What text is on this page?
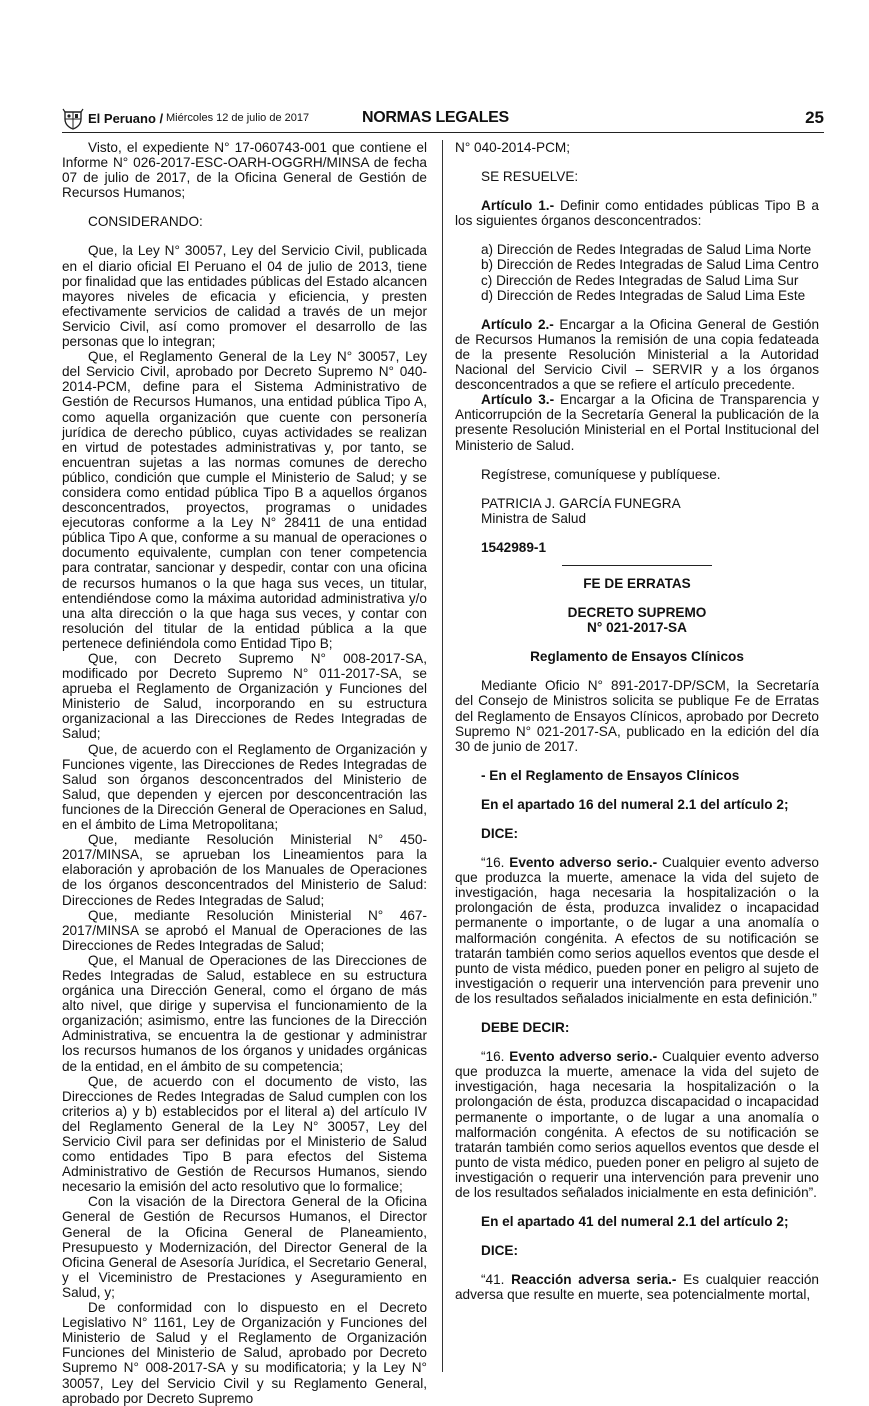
El Peruano / Miércoles 12 de julio de 2017	NORMAS LEGALES	25

Visto, el expediente N° 17-060743-001 que contiene el Informe N° 026-2017-ESC-OARH-OGGRH/MINSA de fecha 07 de julio de 2017, de la Oficina General de Gestión de Recursos Humanos;

CONSIDERANDO:

Que, la Ley N° 30057, Ley del Servicio Civil, publicada en el diario oficial El Peruano el 04 de julio de 2013, tiene por finalidad que las entidades públicas del Estado alcancen mayores niveles de eficacia y eficiencia, y presten efectivamente servicios de calidad a través de un mejor Servicio Civil, así como promover el desarrollo de las personas que lo integran;

Que, el Reglamento General de la Ley N° 30057, Ley del Servicio Civil, aprobado por Decreto Supremo N° 040-2014-PCM, define para el Sistema Administrativo de Gestión de Recursos Humanos, una entidad pública Tipo A, como aquella organización que cuente con personería jurídica de derecho público, cuyas actividades se realizan en virtud de potestades administrativas y, por tanto, se encuentran sujetas a las normas comunes de derecho público, condición que cumple el Ministerio de Salud; y se considera como entidad pública Tipo B a aquellos órganos desconcentrados, proyectos, programas o unidades ejecutoras conforme a la Ley N° 28411 de una entidad pública Tipo A que, conforme a su manual de operaciones o documento equivalente, cumplan con tener competencia para contratar, sancionar y despedir, contar con una oficina de recursos humanos o la que haga sus veces, un titular, entendiéndose como la máxima autoridad administrativa y/o una alta dirección o la que haga sus veces, y contar con resolución del titular de la entidad pública a la que pertenece definiéndola como Entidad Tipo B;

Que, con Decreto Supremo N° 008-2017-SA, modificado por Decreto Supremo N° 011-2017-SA, se aprueba el Reglamento de Organización y Funciones del Ministerio de Salud, incorporando en su estructura organizacional a las Direcciones de Redes Integradas de Salud;

Que, de acuerdo con el Reglamento de Organización y Funciones vigente, las Direcciones de Redes Integradas de Salud son órganos desconcentrados del Ministerio de Salud, que dependen y ejercen por desconcentración las funciones de la Dirección General de Operaciones en Salud, en el ámbito de Lima Metropolitana;

Que, mediante Resolución Ministerial N° 450-2017/MINSA, se aprueban los Lineamientos para la elaboración y aprobación de los Manuales de Operaciones de los órganos desconcentrados del Ministerio de Salud: Direcciones de Redes Integradas de Salud;

Que, mediante Resolución Ministerial N° 467-2017/MINSA se aprobó el Manual de Operaciones de las Direcciones de Redes Integradas de Salud;

Que, el Manual de Operaciones de las Direcciones de Redes Integradas de Salud, establece en su estructura orgánica una Dirección General, como el órgano de más alto nivel, que dirige y supervisa el funcionamiento de la organización; asimismo, entre las funciones de la Dirección Administrativa, se encuentra la de gestionar y administrar los recursos humanos de los órganos y unidades orgánicas de la entidad, en el ámbito de su competencia;

Que, de acuerdo con el documento de visto, las Direcciones de Redes Integradas de Salud cumplen con los criterios a) y b) establecidos por el literal a) del artículo IV del Reglamento General de la Ley N° 30057, Ley del Servicio Civil para ser definidas por el Ministerio de Salud como entidades Tipo B para efectos del Sistema Administrativo de Gestión de Recursos Humanos, siendo necesario la emisión del acto resolutivo que lo formalice;

Con la visación de la Directora General de la Oficina General de Gestión de Recursos Humanos, el Director General de la Oficina General de Planeamiento, Presupuesto y Modernización, del Director General de la Oficina General de Asesoría Jurídica, el Secretario General, y el Viceministro de Prestaciones y Aseguramiento en Salud, y;

De conformidad con lo dispuesto en el Decreto Legislativo N° 1161, Ley de Organización y Funciones del Ministerio de Salud y el Reglamento de Organización Funciones del Ministerio de Salud, aprobado por Decreto Supremo N° 008-2017-SA y su modificatoria; y la Ley N° 30057, Ley del Servicio Civil y su Reglamento General, aprobado por Decreto Supremo

N° 040-2014-PCM;

SE RESUELVE:

Artículo 1.- Definir como entidades públicas Tipo B a los siguientes órganos desconcentrados:

a) Dirección de Redes Integradas de Salud Lima Norte

b) Dirección de Redes Integradas de Salud Lima Centro

c) Dirección de Redes Integradas de Salud Lima Sur

d) Dirección de Redes Integradas de Salud Lima Este

Artículo 2.- Encargar a la Oficina General de Gestión de Recursos Humanos la remisión de una copia fedateada de la presente Resolución Ministerial a la Autoridad Nacional del Servicio Civil – SERVIR y a los órganos desconcentrados a que se refiere el artículo precedente.

Artículo 3.- Encargar a la Oficina de Transparencia y Anticorrupción de la Secretaría General la publicación de la presente Resolución Ministerial en el Portal Institucional del Ministerio de Salud.

Regístrese, comuníquese y publíquese.

PATRICIA J. GARCÍA FUNEGRA

Ministra de Salud

1542989-1

FE DE ERRATAS

DECRETO SUPREMO

N° 021-2017-SA

Reglamento de Ensayos Clínicos

Mediante Oficio N° 891-2017-DP/SCM, la Secretaría del Consejo de Ministros solicita se publique Fe de Erratas del Reglamento de Ensayos Clínicos, aprobado por Decreto Supremo N° 021-2017-SA, publicado en la edición del día 30 de junio de 2017.

- En el Reglamento de Ensayos Clínicos

En el apartado 16 del numeral 2.1 del artículo 2;

DICE:

“16. Evento adverso serio.- Cualquier evento adverso que produzca la muerte, amenace la vida del sujeto de investigación, haga necesaria la hospitalización o la prolongación de ésta, produzca invalidez o incapacidad permanente o importante, o de lugar a una anomalía o malformación congénita. A efectos de su notificación se tratarán también como serios aquellos eventos que desde el punto de vista médico, pueden poner en peligro al sujeto de investigación o requerir una intervención para prevenir uno de los resultados señalados inicialmente en esta definición.”

DEBE DECIR:

“16. Evento adverso serio.- Cualquier evento adverso que produzca la muerte, amenace la vida del sujeto de investigación, haga necesaria la hospitalización o la prolongación de ésta, produzca discapacidad o incapacidad permanente o importante, o de lugar a una anomalía o malformación congénita. A efectos de su notificación se tratarán también como serios aquellos eventos que desde el punto de vista médico, pueden poner en peligro al sujeto de investigación o requerir una intervención para prevenir uno de los resultados señalados inicialmente en esta definición”.

En el apartado 41 del numeral 2.1 del artículo 2;

DICE:

“41. Reacción adversa seria.- Es cualquier reacción adversa que resulte en muerte, sea potencialmente mortal,
